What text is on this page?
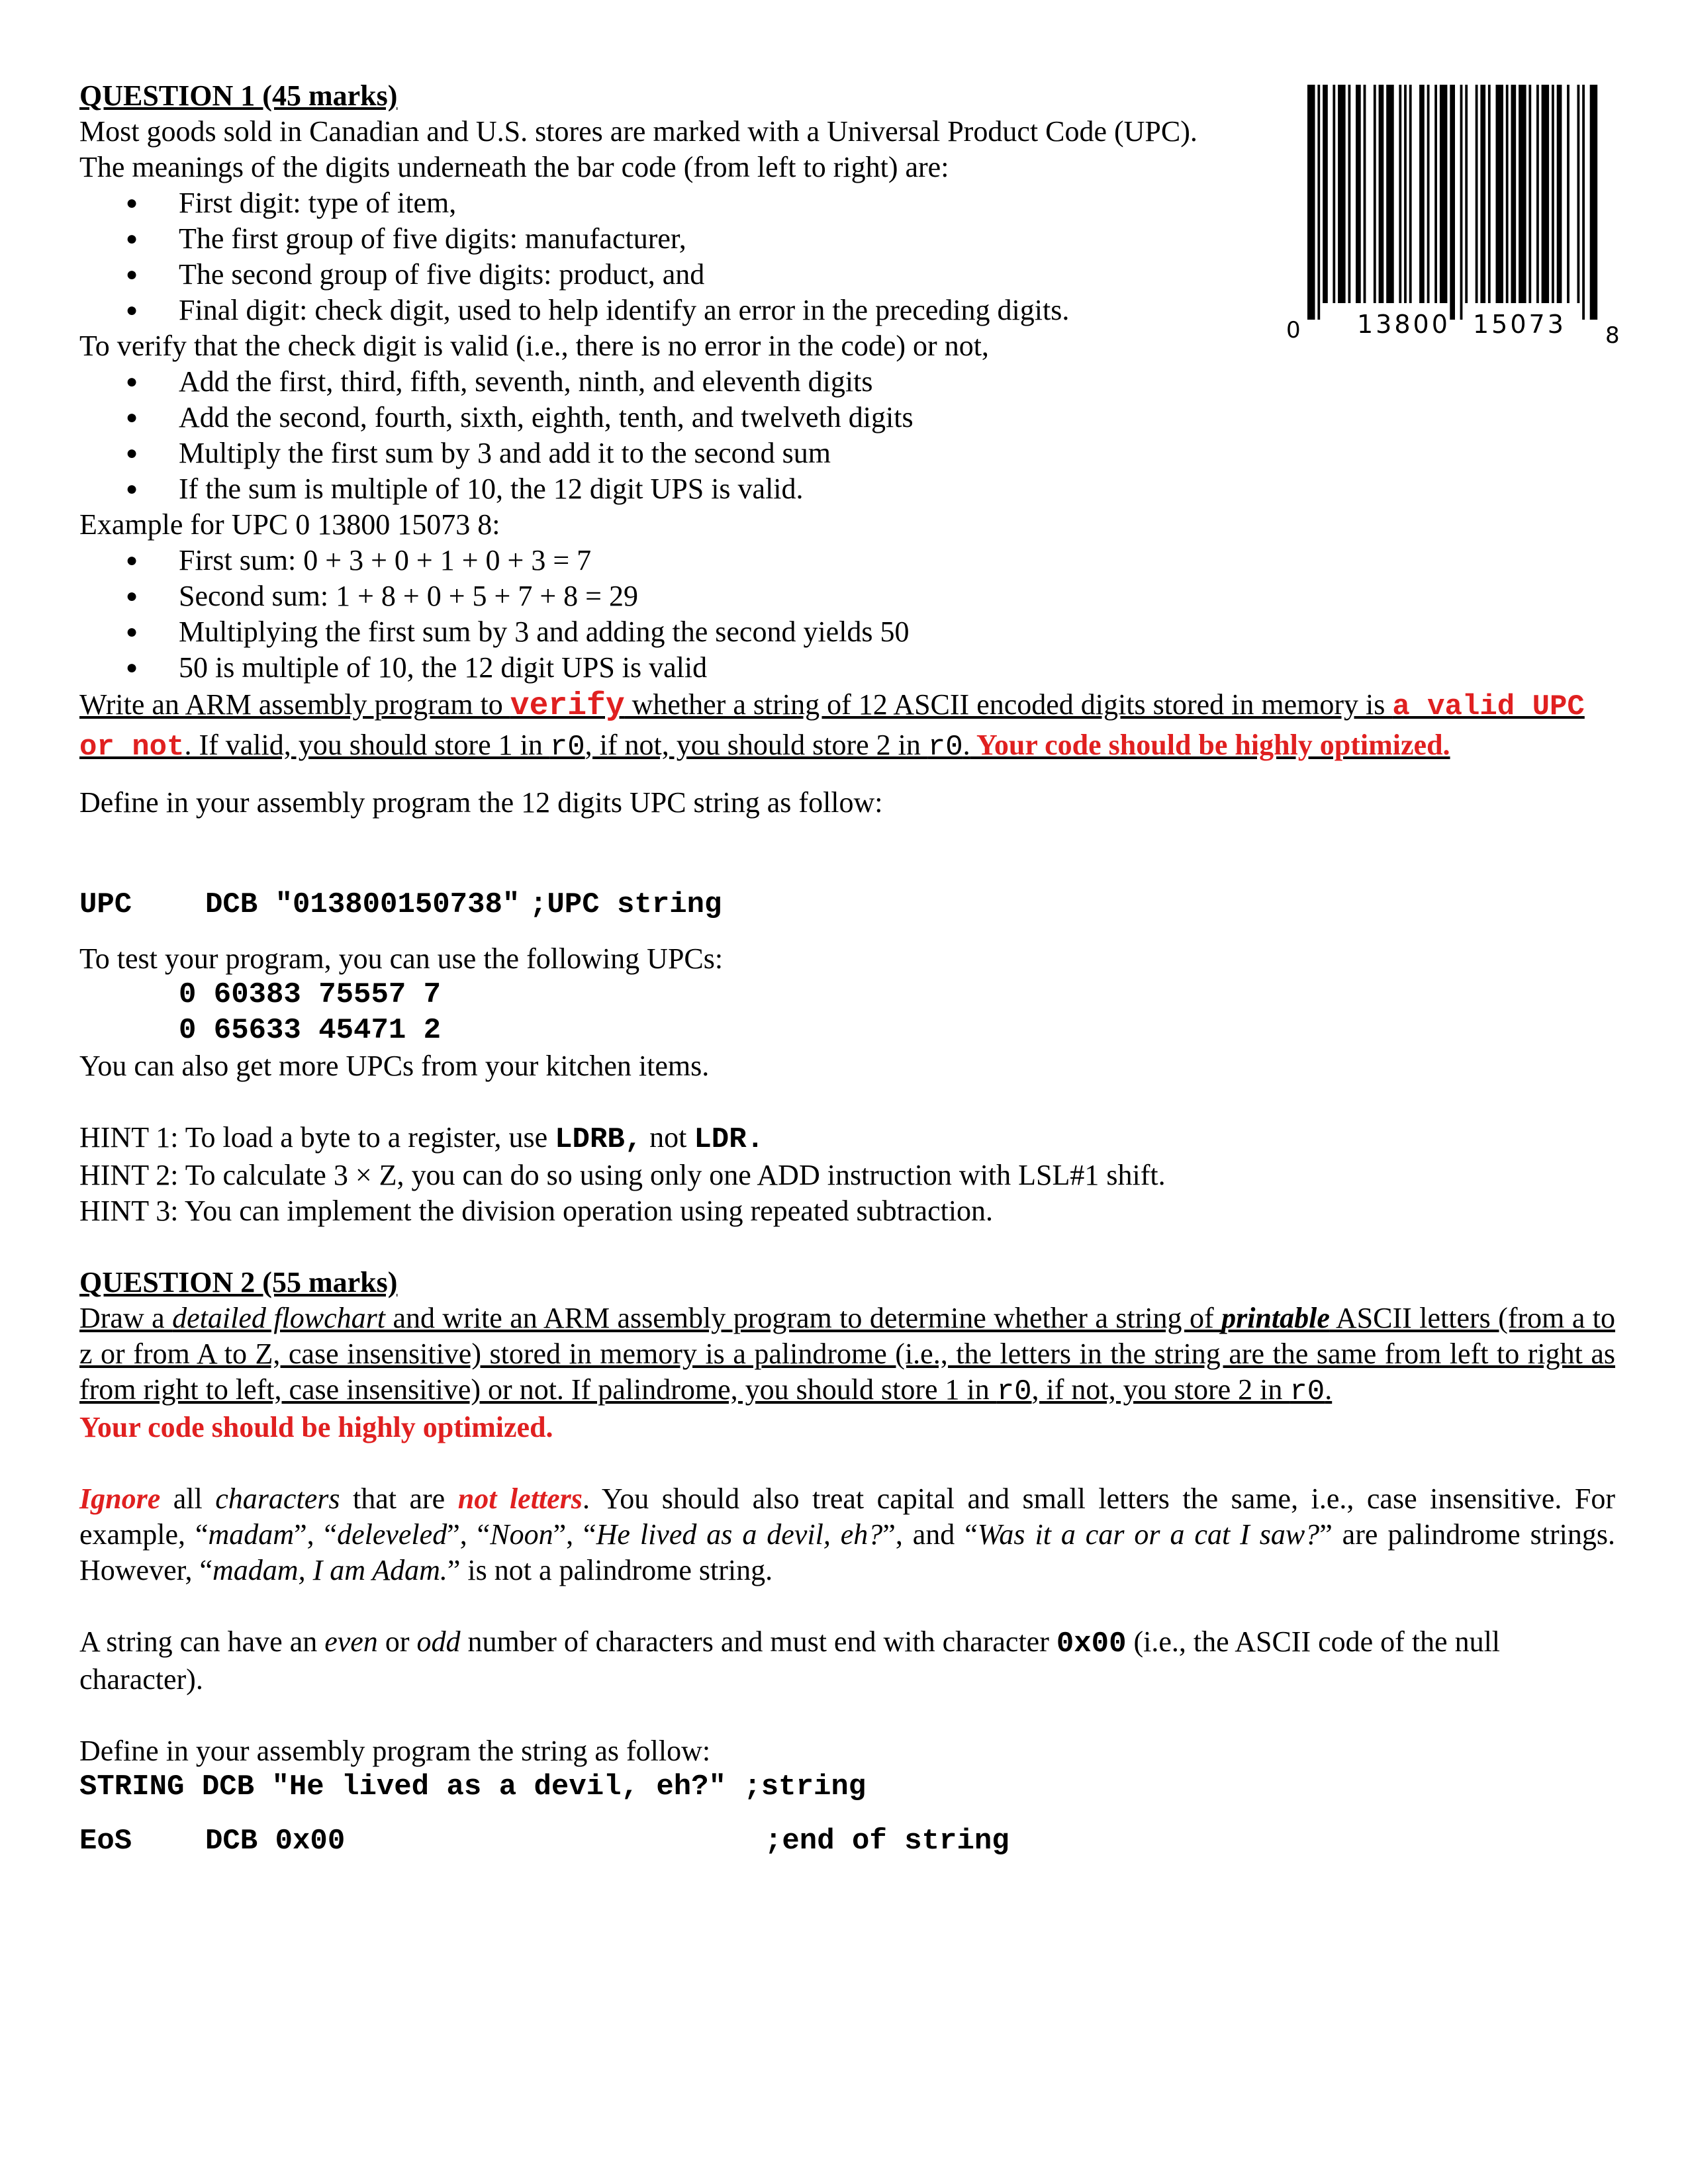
0 13800 15073 8

QUESTION 1 (45 marks)

Most goods sold in Canadian and U.S. stores are marked with a Universal Product Code (UPC).

The meanings of the digits underneath the bar code (from left to right) are:

● First digit: type of item,
● The first group of five digits: manufacturer,
● The second group of five digits: product, and
● Final digit: check digit, used to help identify an error in the preceding digits.

To verify that the check digit is valid (i.e., there is no error in the code) or not,

● Add the first, third, fifth, seventh, ninth, and eleventh digits
● Add the second, fourth, sixth, eighth, tenth, and twelveth digits
● Multiply the first sum by 3 and add it to the second sum
● If the sum is multiple of 10, the 12 digit UPS is valid.

Example for UPC 0 13800 15073 8:

● First sum: 0 + 3 + 0 + 1 + 0 + 3 = 7
● Second sum: 1 + 8 + 0 + 5 + 7 + 8 = 29
● Multiplying the first sum by 3 and adding the second yields 50
● 50 is multiple of 10, the 12 digit UPS is valid

Write an ARM assembly program to verify whether a string of 12 ASCII encoded digits stored in memory is a valid UPC or not. If valid, you should store 1 in r0, if not, you should store 2 in r0. Your code should be highly optimized.

Define in your assembly program the 12 digits UPC string as follow:

UPC	DCB "013800150738" ;UPC string

To test your program, you can use the following UPCs:

0 60383 75557 7
0 65633 45471 2

You can also get more UPCs from your kitchen items.

HINT 1: To load a byte to a register, use LDRB, not LDR.

HINT 2: To calculate 3 × Z, you can do so using only one ADD instruction with LSL#1 shift.

HINT 3: You can implement the division operation using repeated subtraction.

QUESTION 2 (55 marks)

Draw a detailed flowchart and write an ARM assembly program to determine whether a string of printable ASCII letters (from a to z or from A to Z, case insensitive) stored in memory is a palindrome (i.e., the letters in the string are the same from left to right as from right to left, case insensitive) or not. If palindrome, you should store 1 in r0, if not, you store 2 in r0.
Your code should be highly optimized.

Ignore all characters that are not letters. You should also treat capital and small letters the same, i.e., case insensitive. For example, “madam”, “deleveled”, “Noon”, “He lived as a devil, eh?”, and “Was it a car or a cat I saw?” are palindrome strings. However, “madam, I am Adam.” is not a palindrome string.

A string can have an even or odd number of characters and must end with character 0x00 (i.e., the ASCII code of the null character).

Define in your assembly program the string as follow:

STRING DCB "He lived as a devil, eh?" ;string
EoS	DCB 0x00	;end of string
